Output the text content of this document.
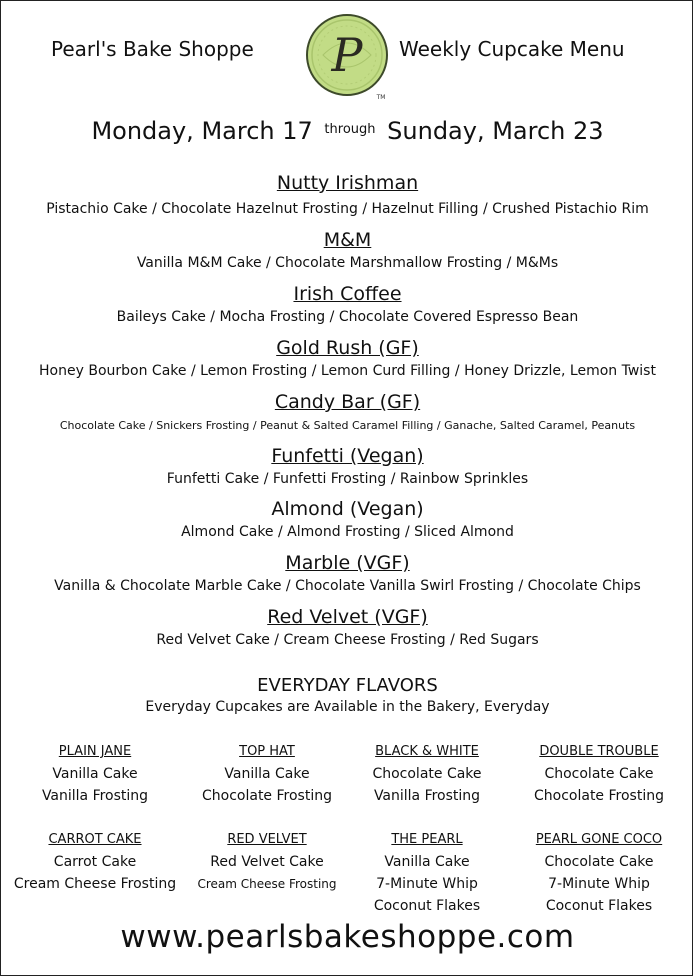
Pearl's Bake Shoppe P
TM
Weekly Cupcake Menu
Monday, March 17 $^{through}$ Sunday, March 23
Nutty Irishman
Pistachio Cake / Chocolate Hazelnut Frosting / Hazelnut Filling / Crushed Pistachio Rim
M&M
Vanilla M&M Cake / Chocolate Marshmallow Frosting / M&Ms
Irish Coffee
Baileys Cake / Mocha Frosting / Chocolate Covered Espresso Bean
Gold Rush (GF)
Honey Bourbon Cake / Lemon Frosting / Lemon Curd Filling / Honey Drizzle, Lemon Twist
Candy Bar (GF)
Chocolate Cake / Snickers Frosting / Peanut & Salted Caramel Filling / Ganache, Salted Caramel, Peanuts
Funfetti (Vegan)
Funfetti Cake / Funfetti Frosting / Rainbow Sprinkles
Almond (Vegan)
Almond Cake / Almond Frosting / Sliced Almond
Marble (VGF)
Vanilla & Chocolate Marble Cake / Chocolate Vanilla Swirl Frosting / Chocolate Chips
Red Velvet (VGF)
Red Velvet Cake / Cream Cheese Frosting / Red Sugars
EVERYDAY FLAVORS
Everyday Cupcakes are Available in the Bakery, Everyday
PLAIN JANE
Vanilla Cake
Vanilla Frosting
TOP HAT
Vanilla Cake
Chocolate Frosting
BLACK & WHITE
Chocolate Cake
Vanilla Frosting
DOUBLE TROUBLE
Chocolate Cake
Chocolate Frosting
CARROT CAKE
Carrot Cake
Cream Cheese Frosting
RED VELVET
Red Velvet Cake
Cream Cheese Frosting
THE PEARL
Vanilla Cake
7-Minute Whip
Coconut Flakes
PEARL GONE COCO
Chocolate Cake
7-Minute Whip
Coconut Flakes
www.pearlsbakeshoppe.com
